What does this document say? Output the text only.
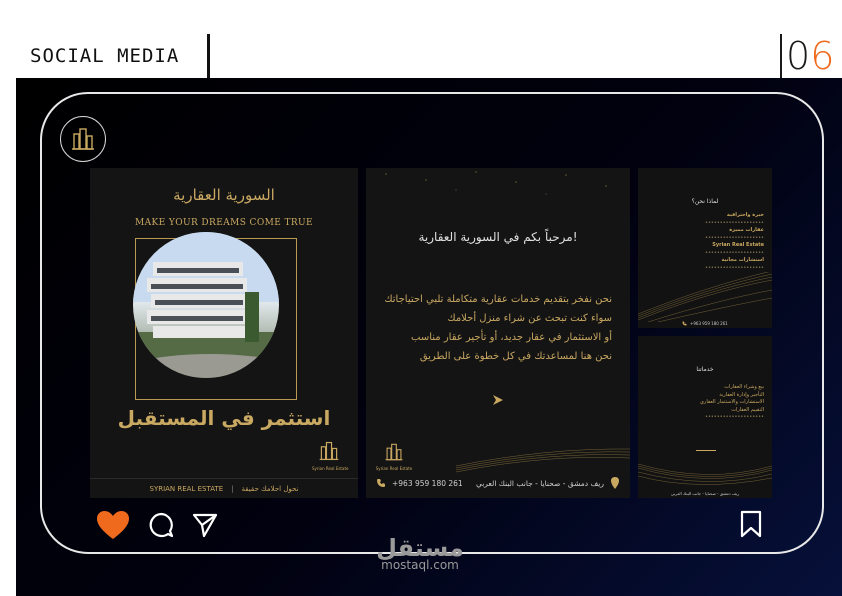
SOCIAL MEDIA	0 6
السورية العقارية
MAKE YOUR DREAMS COME TRUE
استثمر في المستقبل
Syrian Real Estate
SYRIAN REAL ESTATE | نحول احلامك حقيقة
مرحباً بكم في السورية العقارية!
نحن نفخر بتقديم خدمات عقارية متكاملة تلبي احتياجاتك
سواء كنت تبحث عن شراء منزل أحلامك
أو الاستثمار في عقار جديد، أو تأجير عقار مناسب
نحن هنا لمساعدتك في كل خطوة على الطريق
Syrian Real Estate
+963 959 180 261 ريف دمشق - صحنايا - جانب البنك العربي
لماذا نحن؟
خبرة واحترافية
••••••••••••••••••••
عقارات مميزة
••••••••••••••••••••
Syrian Real Estate
••••••••••••••••••••
استشارات مجانية
••••••••••••••••••••
+963 959 180 261
خدماتنا
بيع وشراء العقارات
التأجير وإدارة العقارية
الاستشارات والاستثمار العقاري
التقييم العقارات
••••••••••••••••••••
ريف دمشق - صحنايا - جانب البنك العربي
مستقل
mostaql.com
